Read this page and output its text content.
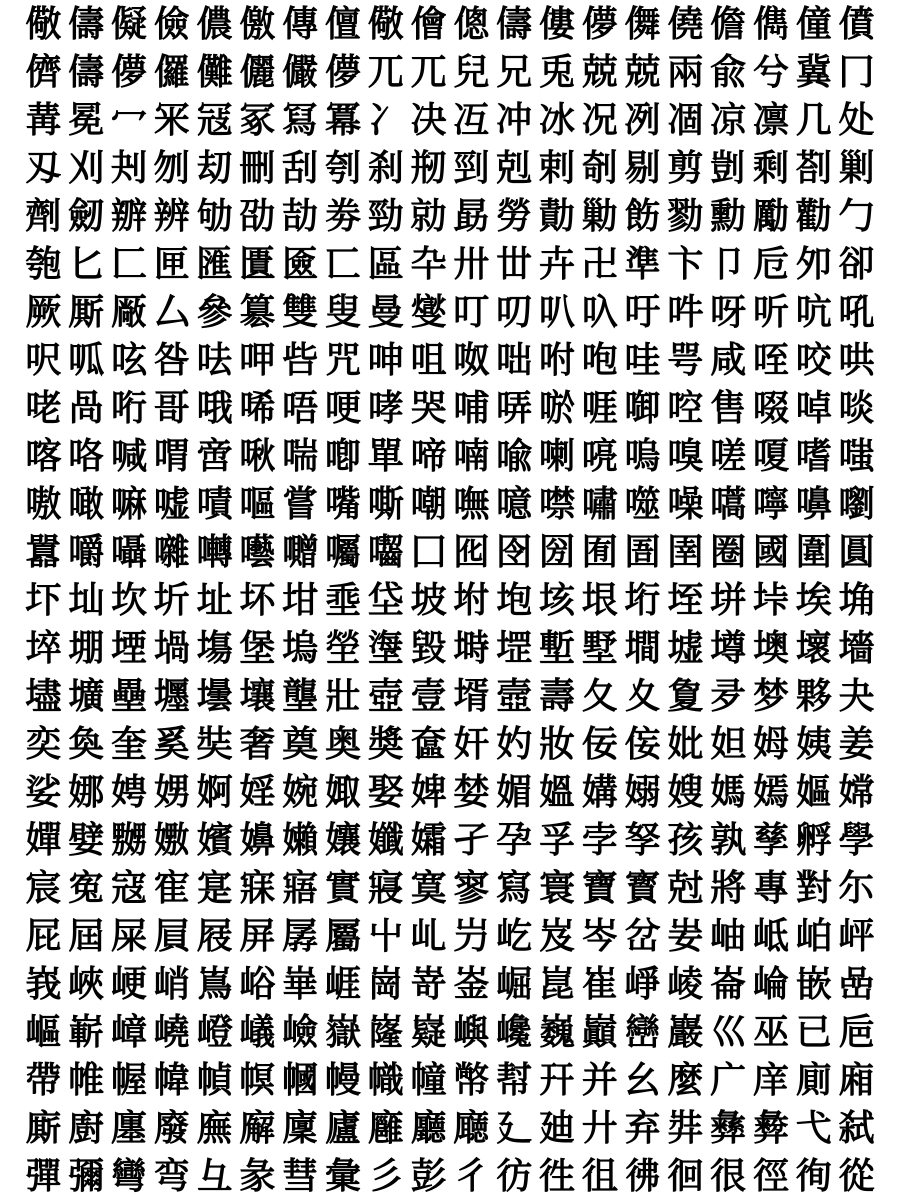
儆 儔 儗 儉 儂 儌 傳 儃 儆 儈 傯 儔 僂 儚 儛 僥 儋 儁 僮 僨
儕 儔 儚 儸 儺 儷 儼 儚 兀 兀 兒 兄 兎 兢 兢 兩 兪 兮 冀 冂
冓 冕 冖 冞 冦 冢 冩 冪 冫 决 冱 冲 冰 况 冽 凅 凉 凛 几 处
刄 刈 刔 刎 刧 刪 刮 刳 刹 剏 剄 剋 剌 剞 剔 剪 剴 剩 剳 剿
劑 劒 辧 辨 劬 劭 劼 劵 勁 勍 勗 勞 勣 勦 飭 勠 勳 勵 勸 勹
匏 匕 匚 匣 匯 匱 匳 匸 區 卆 卅 丗 卉 卍 準 卞 卩 卮 夘 卻
厥 厮 厰 厶 參 簒 雙 叟 曼 燮 叮 叨 叭 叺 吁 吽 呀 听 吭 吼
呎 呱 呟 咎 呿 呷 呰 咒 呻 咀 呶 咄 咐 咆 哇 咢 咸 咥 咬 哄
咾 咼 哘 哥 哦 唏 唔 哽 哮 哭 哺 哢 唹 啀 啣 啌 售 啜 啅 啖
喀 咯 喊 喟 啻 啾 喘 喞 單 啼 喃 喩 喇 喨 嗚 嗅 嗟 嗄 嗜 嗤
嗷 噉 嘛 嘘 嘖 嘔 嘗 嘴 嘶 嘲 嘸 噫 噤 嘯 噬 噪 嚆 嚀 嚊 嚠
囂 嚼 囁 囃 囀 囈 囎 囑 囓 囗 囮 囹 圀 囿 圄 圉 圈 國 圍 圓
圷 圸 坎 圻 址 坏 坩 埀 垈 坡 坿 垉 垓 垠 垳 垤 垪 垰 埃 埆
埣 堋 堙 堝 塲 堡 塢 塋 塰 毀 塒 堽 塹 墅 墹 墟 墫 墺 壞 墻
壗 壙 壘 壥 壜 壤 壟 壯 壺 壹 壻 壼 壽 夂 夊 夐 夛 梦 夥 夬
奕 奐 奎 奚 奘 奢 奠 奥 奬 奩 奸 妁 妝 佞 侫 妣 妲 姆 姨 姜
娑 娜 娉 娚 婀 婬 婉 娵 娶 婢 婪 媚 媼 媾 嫋 嫂 媽 嫣 嫗 嫦
嬋 嬖 嬲 嫐 嬪 嬶 嬾 孃 孅 孀 孑 孕 孚 孛 孥 孩 孰 孳 孵 學
宸 寃 寇 寉 寔 寐 寤 實 寢 寞 寥 寫 寰 寶 寳 尅 將 專 對 尓
屁 屆 屎 屓 屐 屏 孱 屬 屮 乢 屶 屹 岌 岑 岔 妛 岫 岻 岶 岼
峩 峽 峺 峭 嶌 峪 崋 崕 崗 嵜 崟 崛 崑 崔 崢 崚 崙 崘 嵌 嵒
嶇 嶄 嶂 嶢 嶝 嶬 嶮 嶽 嶐 嶷 嶼 巉 巍 巓 巒 巖 巛 巫 已 巵
帶 帷 幄 幃 幀 幎 幗 幔 幟 幢 幤 幇 幵 并 幺 麼 广 庠 廁 廂
廝 廚 廛 廢 廡 廨 廩 廬 廱 廳 廰 廴 廸 廾 弃 弉 彝 彜 弋 弑
彈 彌 彎 弯 彑 彖 彗 彙 彡 彭 彳 彷 徃 徂 彿 徊 很 徑 徇 從
